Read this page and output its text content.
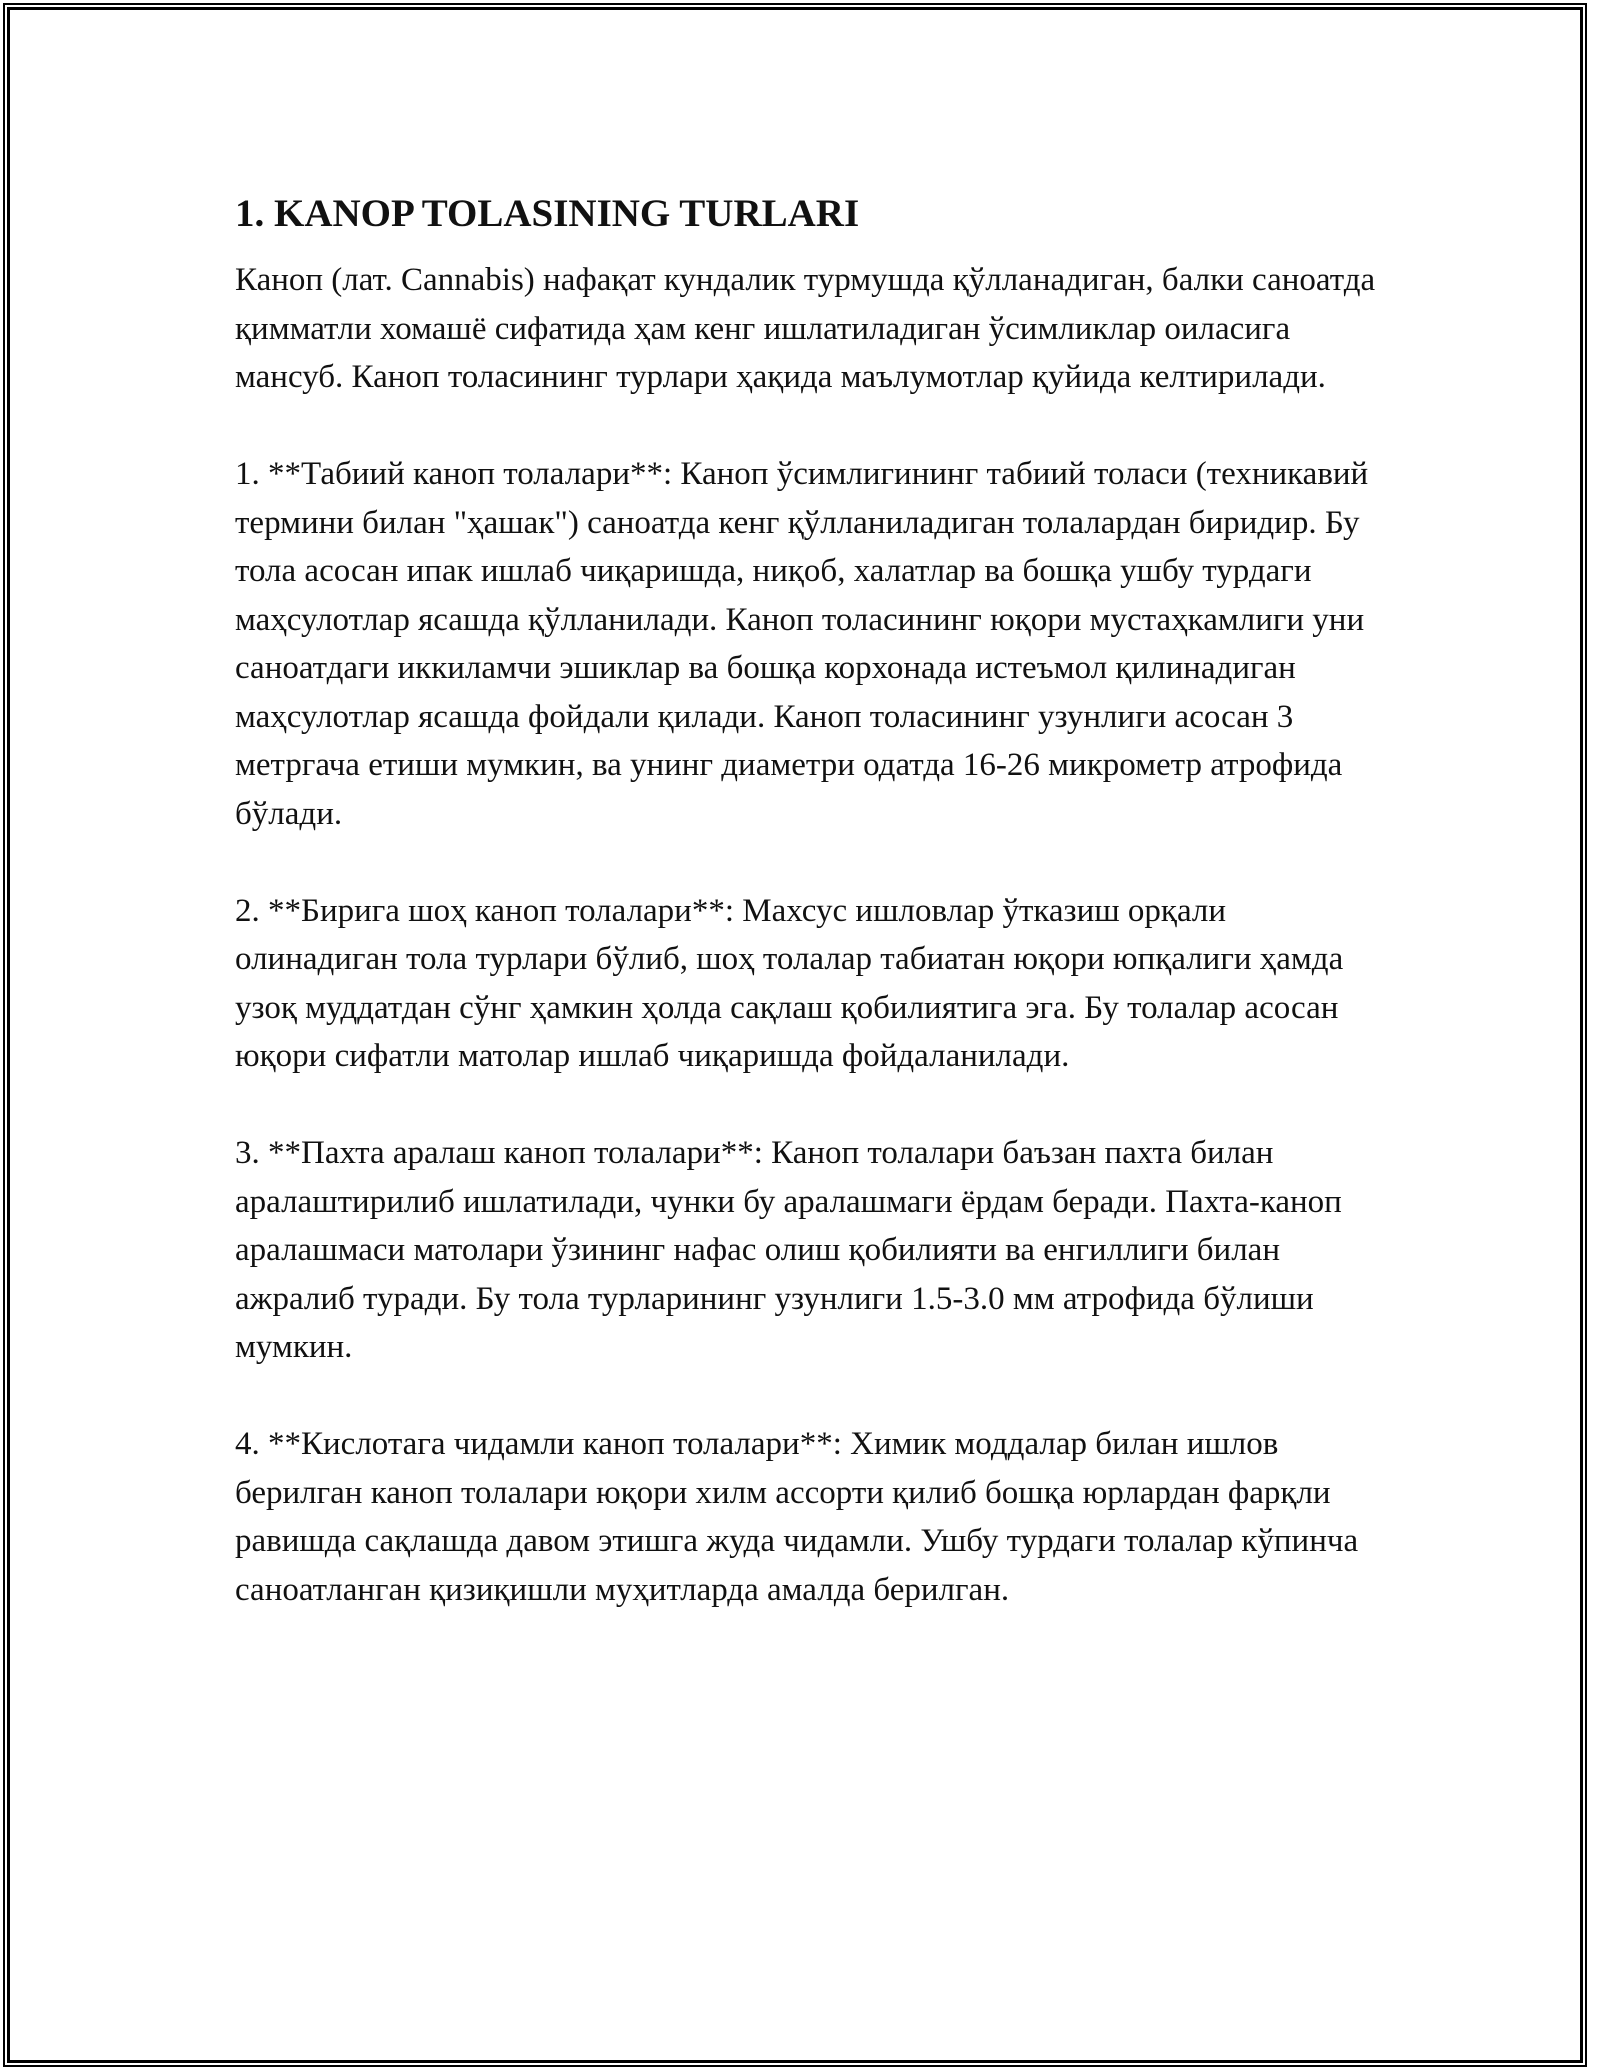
1. KANOP TOLASINING TURLARI

Каноп (лат. Cannabis) нафақат кундалик турмушда қўлланадиган, балки саноатда қимматли хомашё сифатида ҳам кенг ишлатиладиган ўсимликлар оиласига мансуб. Каноп толасининг турлари ҳақида маълумотлар қуйида келтирилади.

1. **Табиий каноп толалари**: Каноп ўсимлигининг табиий толаси (техникавий термини билан "ҳашак") саноатда кенг қўлланиладиган толалардан биридир. Бу тола асосан ипак ишлаб чиқаришда, ниқоб, халатлар ва бошқа ушбу турдаги маҳсулотлар ясашда қўлланилади. Каноп толасининг юқори мустаҳкамлиги уни саноатдаги иккиламчи эшиклар ва бошқа корхонада истеъмол қилинадиган маҳсулотлар ясашда фойдали қилади. Каноп толасининг узунлиги асосан 3 метргача етиши мумкин, ва унинг диаметри одатда 16-26 микрометр атрофида бўлади.

2. **Бирига шоҳ каноп толалари**: Махсус ишловлар ўтказиш орқали олинадиган тола турлари бўлиб, шоҳ толалар табиатан юқори юпқалиги ҳамда узоқ муддатдан сўнг ҳамкин ҳолда сақлаш қобилиятига эга. Бу толалар асосан юқори сифатли матолар ишлаб чиқаришда фойдаланилади.

3. **Пахта аралаш каноп толалари**: Каноп толалари баъзан пахта билан аралаштирилиб ишлатилади, чунки бу аралашмаги ёрдам беради. Пахта-каноп аралашмаси матолари ўзининг нафас олиш қобилияти ва енгиллиги билан ажралиб туради. Бу тола турларининг узунлиги 1.5-3.0 мм атрофида бўлиши мумкин.

4. **Кислотага чидамли каноп толалари**: Химик моддалар билан ишлов берилган каноп толалари юқори хилм ассорти қилиб бошқа юрлардан фарқли равишда сақлашда давом этишга жуда чидамли. Ушбу турдаги толалар кўпинча саноатланган қизиқишли муҳитларда амалда берилган.
